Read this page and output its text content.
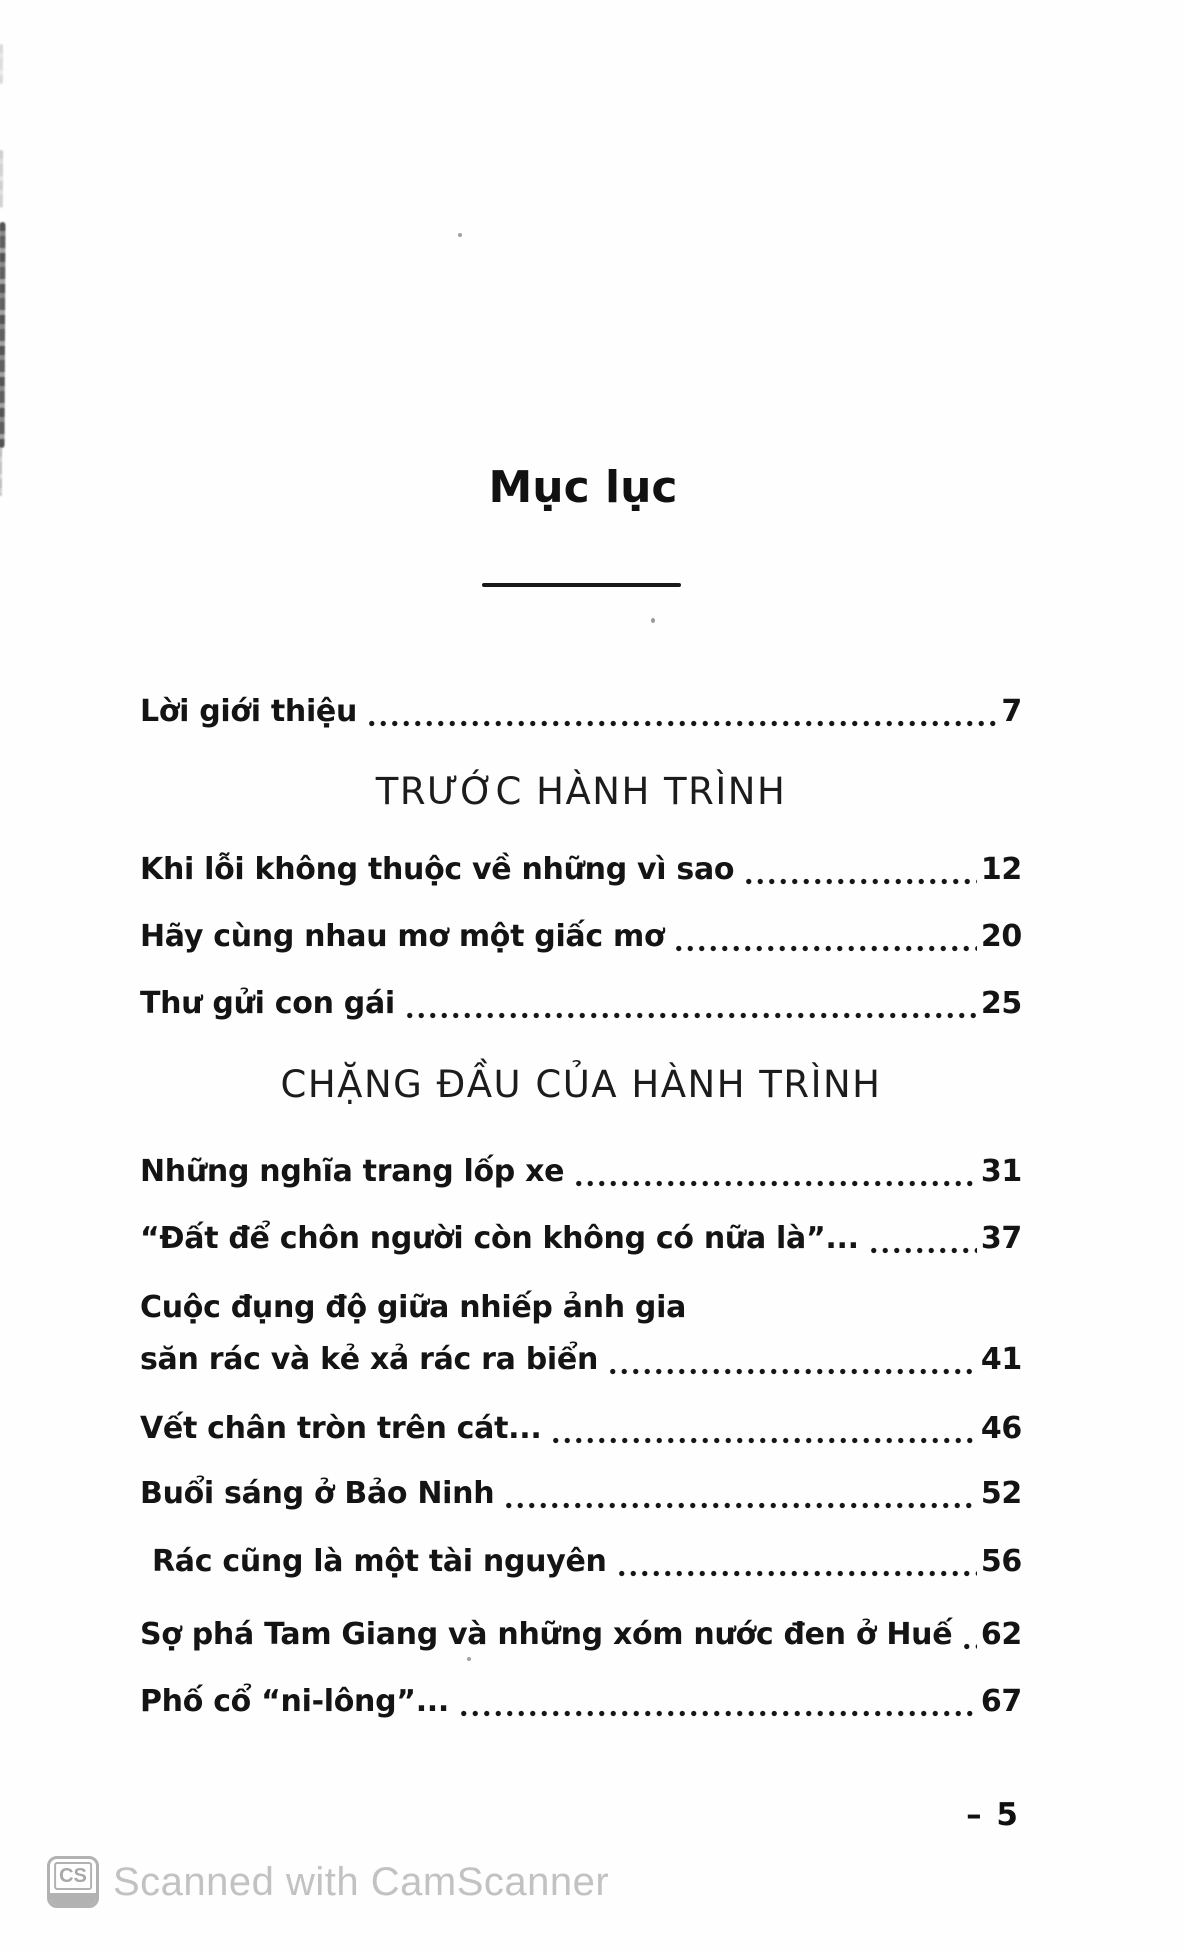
Mục lục
Lời giới thiệu	7
TRƯỚC HÀNH TRÌNH
Khi lỗi không thuộc về những vì sao	12
Hãy cùng nhau mơ một giấc mơ	20
Thư gửi con gái	25
CHẶNG ĐẦU CỦA HÀNH TRÌNH
Những nghĩa trang lốp xe	31
“Đất để chôn người còn không có nữa là”...	37
Cuộc đụng độ giữa nhiếp ảnh gia
săn rác và kẻ xả rác ra biển	41
Vết chân tròn trên cát...	46
Buổi sáng ở Bảo Ninh	52
Rác cũng là một tài nguyên	56
Sợ phá Tam Giang và những xóm nước đen ở Huế 62
Phố cổ “ni-lông”...	67
– 5
CS Scanned with CamScanner
